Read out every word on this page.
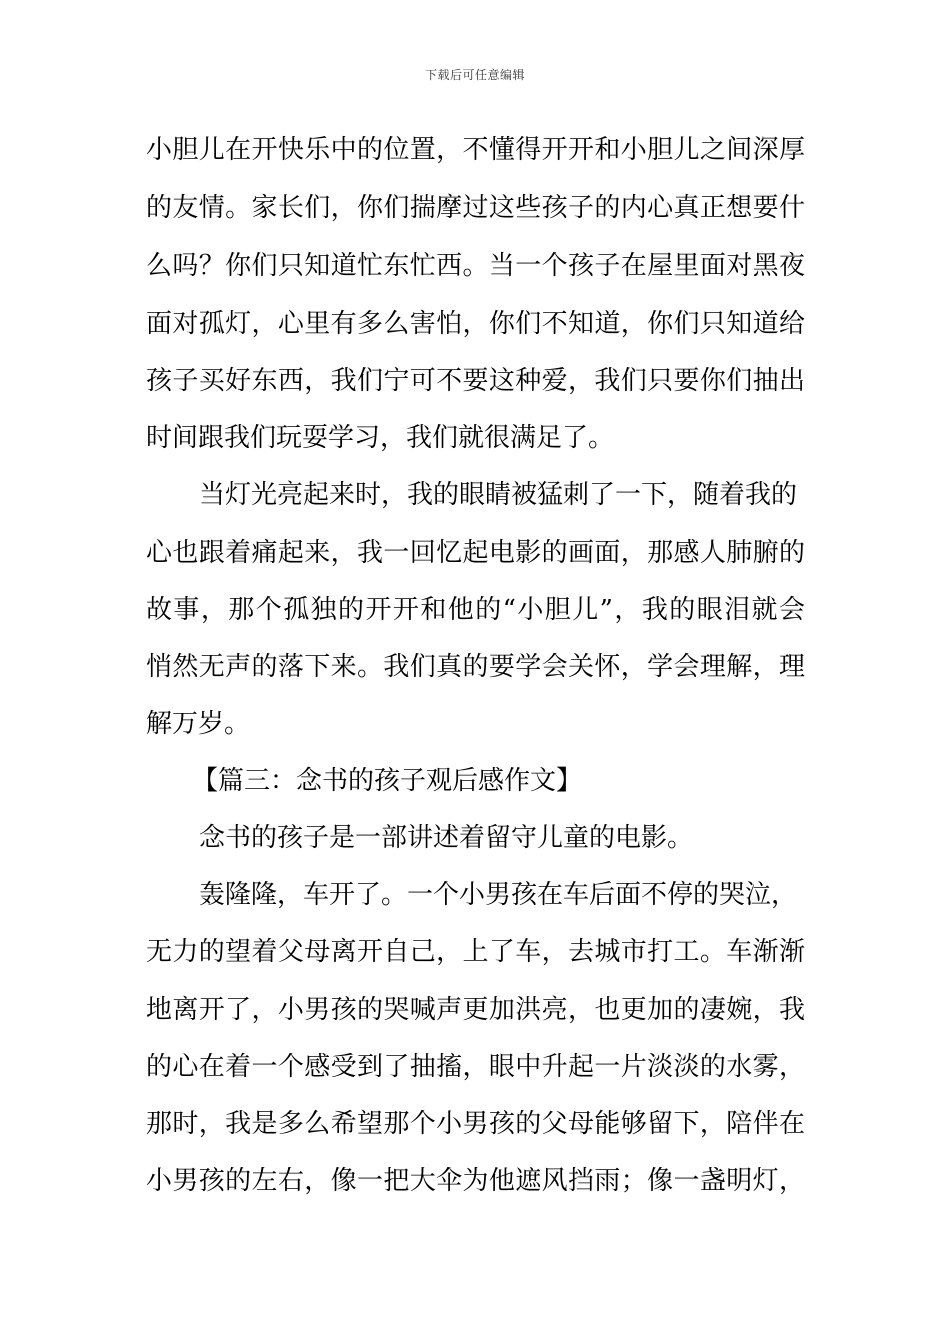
下载后可任意编辑
小胆儿在开快乐中的位置，不懂得开开和小胆儿之间深厚
的友情。家长们，你们揣摩过这些孩子的内心真正想要什
么吗？你们只知道忙东忙西。当一个孩子在屋里面对黑夜
面对孤灯，心里有多么害怕，你们不知道，你们只知道给
孩子买好东西，我们宁可不要这种爱，我们只要你们抽出
时间跟我们玩耍学习，我们就很满足了。
当灯光亮起来时，我的眼睛被猛刺了一下，随着我的
心也跟着痛起来，我一回忆起电影的画面，那感人肺腑的
故事，那个孤独的开开和他的“小胆儿”，我的眼泪就会
悄然无声的落下来。我们真的要学会关怀，学会理解，理
解万岁。
【篇三：念书的孩子观后感作文】
念书的孩子是一部讲述着留守儿童的电影。
轰隆隆，车开了。一个小男孩在车后面不停的哭泣，
无力的望着父母离开自己，上了车，去城市打工。车渐渐
地离开了，小男孩的哭喊声更加洪亮，也更加的凄婉，我
的心在着一个感受到了抽搐，眼中升起一片淡淡的水雾，
那时，我是多么希望那个小男孩的父母能够留下，陪伴在
小男孩的左右，像一把大伞为他遮风挡雨；像一盏明灯，
